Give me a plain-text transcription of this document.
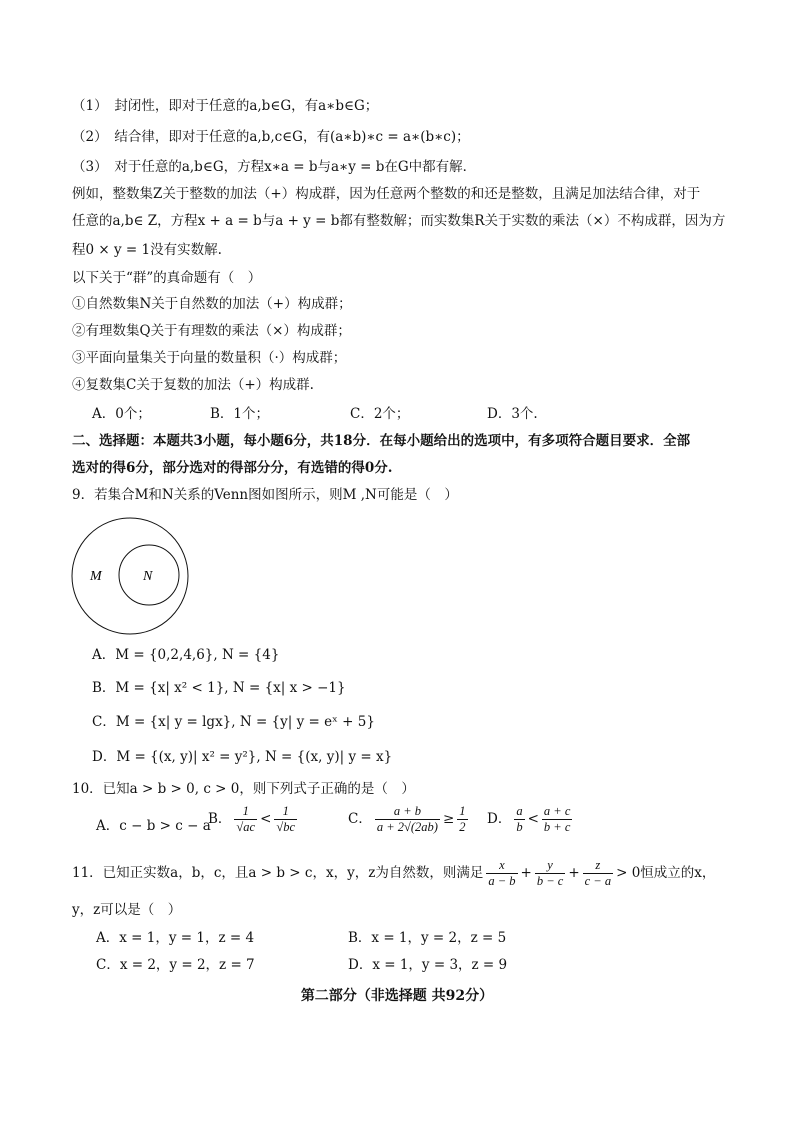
（1）　封闭性，即对于任意的a,b∈G，有a∗b∈G；
（2）　结合律，即对于任意的a,b,c∈G，有(a∗b)∗c = a∗(b∗c)；
（3）　对于任意的a,b∈G，方程x∗a = b与a∗y = b在G中都有解．
例如，整数集Z关于整数的加法（+）构成群，因为任意两个整数的和还是整数，且满足加法结合律，对于
任意的a,b∈ Z，方程x + a = b与a + y = b都有整数解；而实数集R关于实数的乘法（×）不构成群，因为方
程0 × y = 1没有实数解.
以下关于“群”的真命题有（　）
①自然数集N关于自然数的加法（+）构成群；
②有理数集Q关于有理数的乘法（×）构成群；
③平面向量集关于向量的数量积（·）构成群；
④复数集C关于复数的加法（+）构成群.
A．0个；	B．1个；	C．2个；	D．3个.
二、选择题：本题共3小题，每小题6分，共18分．在每小题给出的选项中，有多项符合题目要求．全部
选对的得6分，部分选对的得部分分，有选错的得0分.
9．若集合M和N关系的Venn图如图所示，则M ,N可能是（　）
M	N
A．M = {0,2,4,6}, N = {4}
B．M = {x| x² < 1}, N = {x| x > −1}
C．M = {x| y = lgx}, N = {y| y = eˣ + 5}
D．M = {(x, y)| x² = y²}, N = {(x, y)| y = x}
10．已知a > b > 0, c > 0，则下列式子正确的是（　）
A．c − b > c − a
B． $\frac{1}{√ac} < \frac{1}{√bc}$	C． $\frac{a + b}{a + 2√(2ab)} \ge \frac{1}{2}$ D． $\frac{a}{b} < \frac{a + c}{b + c}$
11．已知正实数a，b，c，且a > b > c，x，y，z为自然数，则满足 $\frac{x}{a - b} + \frac{y}{b - c} + \frac{z}{c - a} > 0$恒成立的x，
y，z可以是（　）
A．x = 1，y = 1，z = 4	B．x = 1，y = 2，z = 5
C．x = 2，y = 2，z = 7	D．x = 1，y = 3，z = 9
第二部分（非选择题 共92分）
